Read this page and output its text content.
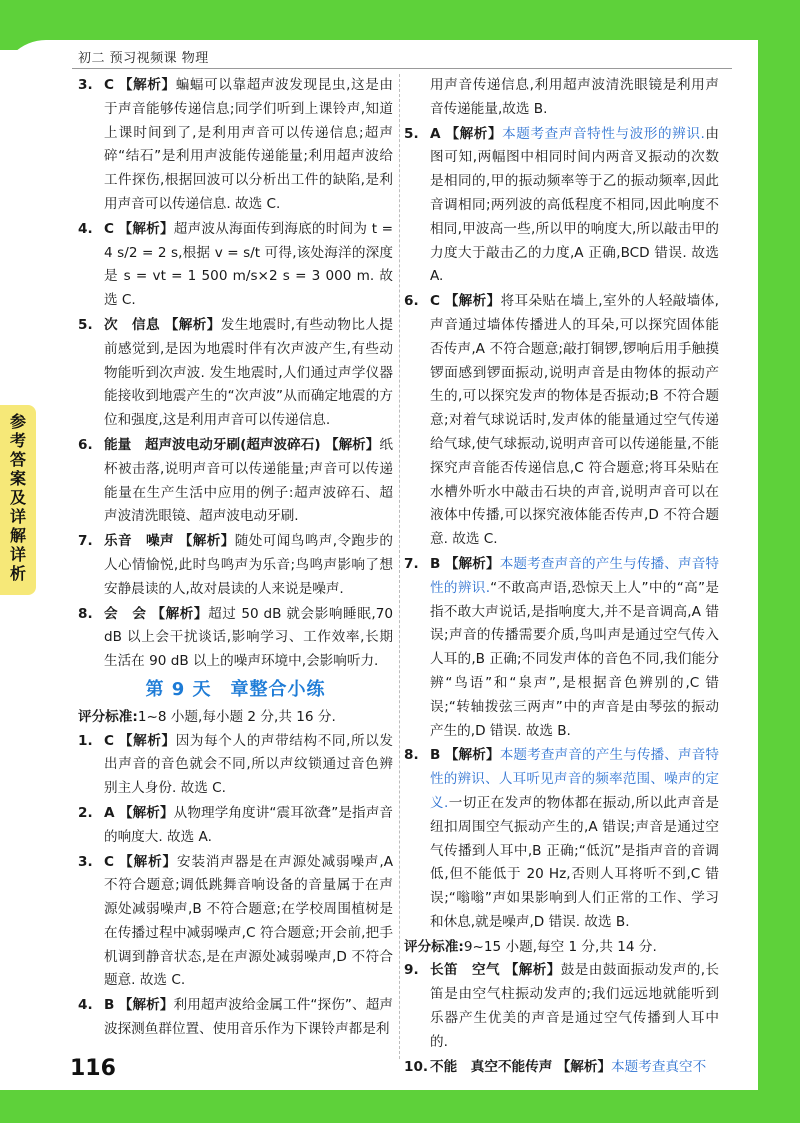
参考答案及详解详析
初二 预习视频课 物理

3. C 【解析】蝙蝠可以靠超声波发现昆虫,这是由于声音能够传递信息;同学们听到上课铃声,知道上课时间到了,是利用声音可以传递信息;超声碎“结石”是利用声波能传递能量;利用超声波给工件探伤,根据回波可以分析出工件的缺陷,是利用声音可以传递信息. 故选 C.

4. C 【解析】超声波从海面传到海底的时间为 t = 4 s/2 = 2 s,根据 v = s/t 可得,该处海洋的深度是 s = vt = 1 500 m/s×2 s = 3 000 m. 故选 C.

5. 次　信息 【解析】发生地震时,有些动物比人提前感觉到,是因为地震时伴有次声波产生,有些动物能听到次声波. 发生地震时,人们通过声学仪器能接收到地震产生的“次声波”从而确定地震的方位和强度,这是利用声音可以传递信息.

6. 能量　超声波电动牙刷(超声波碎石) 【解析】纸杯被击落,说明声音可以传递能量;声音可以传递能量在生产生活中应用的例子:超声波碎石、超声波清洗眼镜、超声波电动牙刷.

7. 乐音　噪声 【解析】随处可闻鸟鸣声,令跑步的人心情愉悦,此时鸟鸣声为乐音;鸟鸣声影响了想安静晨读的人,故对晨读的人来说是噪声.

8. 会　会 【解析】超过 50 dB 就会影响睡眠,70 dB 以上会干扰谈话,影响学习、工作效率,长期生活在 90 dB 以上的噪声环境中,会影响听力.

第 9 天　章整合小练

评分标准:1~8 小题,每小题 2 分,共 16 分.

1. C 【解析】因为每个人的声带结构不同,所以发出声音的音色就会不同,所以声纹锁通过音色辨别主人身份. 故选 C.

2. A 【解析】从物理学角度讲“震耳欲聋”是指声音的响度大. 故选 A.

3. C 【解析】安装消声器是在声源处减弱噪声,A 不符合题意;调低跳舞音响设备的音量属于在声源处减弱噪声,B 不符合题意;在学校周围植树是在传播过程中减弱噪声,C 符合题意;开会前,把手机调到静音状态,是在声源处减弱噪声,D 不符合题意. 故选 C.

4. B 【解析】利用超声波给金属工件“探伤”、超声波探测鱼群位置、使用音乐作为下课铃声都是利

用声音传递信息,利用超声波清洗眼镜是利用声音传递能量,故选 B.

5. A 【解析】本题考查声音特性与波形的辨识.由图可知,两幅图中相同时间内两音叉振动的次数是相同的,甲的振动频率等于乙的振动频率,因此音调相同;两列波的高低程度不相同,因此响度不相同,甲波高一些,所以甲的响度大,所以敲击甲的力度大于敲击乙的力度,A 正确,BCD 错误. 故选 A.

6. C 【解析】将耳朵贴在墙上,室外的人轻敲墙体,声音通过墙体传播进人的耳朵,可以探究固体能否传声,A 不符合题意;敲打铜锣,锣响后用手触摸锣面感到锣面振动,说明声音是由物体的振动产生的,可以探究发声的物体是否振动;B 不符合题意;对着气球说话时,发声体的能量通过空气传递给气球,使气球振动,说明声音可以传递能量,不能探究声音能否传递信息,C 符合题意;将耳朵贴在水槽外听水中敲击石块的声音,说明声音可以在液体中传播,可以探究液体能否传声,D 不符合题意. 故选 C.

7. B 【解析】本题考查声音的产生与传播、声音特性的辨识.“不敢高声语,恐惊天上人”中的“高”是指不敢大声说话,是指响度大,并不是音调高,A 错误;声音的传播需要介质,鸟叫声是通过空气传入人耳的,B 正确;不同发声体的音色不同,我们能分辨“鸟语”和“泉声”,是根据音色辨别的,C 错误;“转轴拨弦三两声”中的声音是由琴弦的振动产生的,D 错误. 故选 B.

8. B 【解析】本题考查声音的产生与传播、声音特性的辨识、人耳听见声音的频率范围、噪声的定义.一切正在发声的物体都在振动,所以此声音是纽扣周围空气振动产生的,A 错误;声音是通过空气传播到人耳中,B 正确;“低沉”是指声音的音调低,但不能低于 20 Hz,否则人耳将听不到,C 错误;“嗡嗡”声如果影响到人们正常的工作、学习和休息,就是噪声,D 错误. 故选 B.

评分标准:9~15 小题,每空 1 分,共 14 分.

9. 长笛　空气 【解析】鼓是由鼓面振动发声的,长笛是由空气柱振动发声的;我们远远地就能听到乐器产生优美的声音是通过空气传播到人耳中的.

10. 不能　真空不能传声 【解析】本题考查真空不

116
